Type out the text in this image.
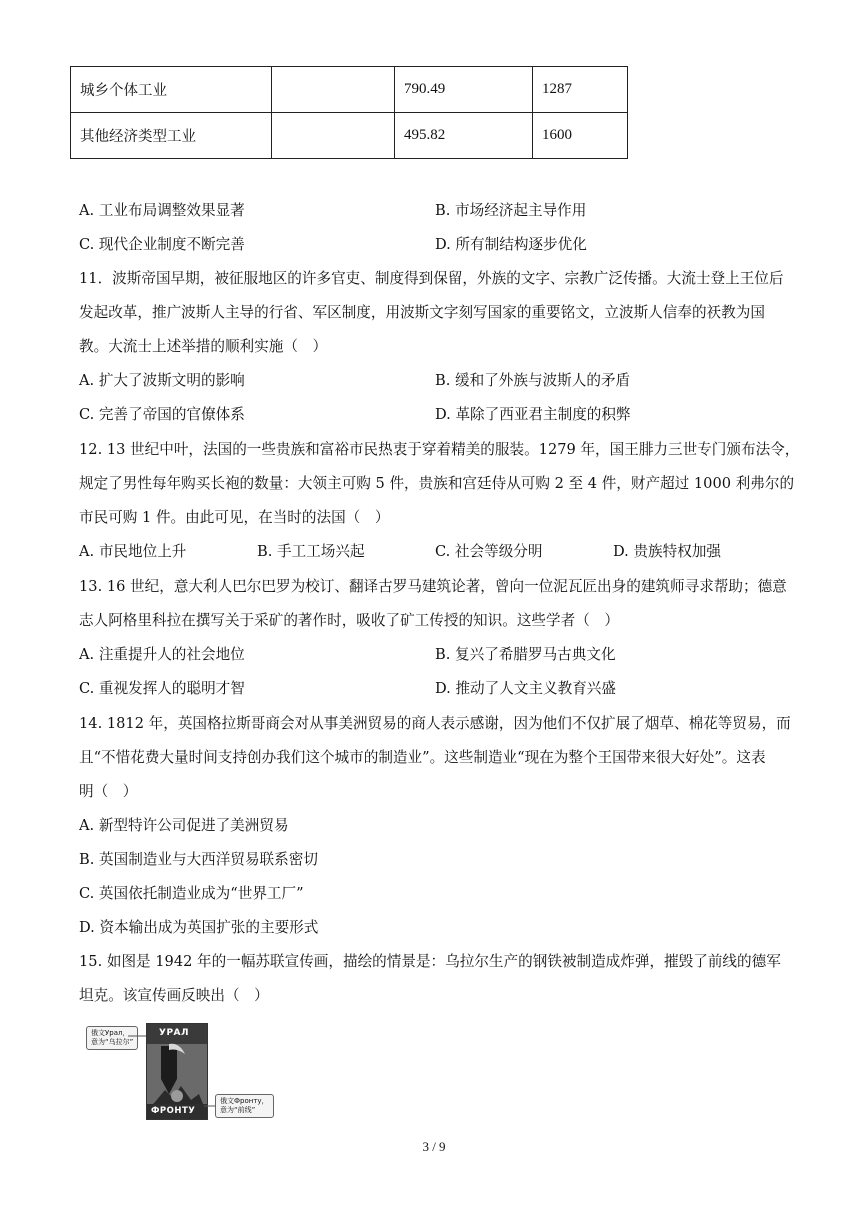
城乡个体工业		790.49	1287
其他经济类型工业		495.82	1600
A. 工业布局调整效果显著	B. 市场经济起主导作用
C. 现代企业制度不断完善	D. 所有制结构逐步优化
11．波斯帝国早期，被征服地区的许多官吏、制度得到保留，外族的文字、宗教广泛传播。大流士登上王位后
发起改革，推广波斯人主导的行省、军区制度，用波斯文字刻写国家的重要铭文，立波斯人信奉的祆教为国
教。大流士上述举措的顺利实施（　）
A. 扩大了波斯文明的影响	B. 缓和了外族与波斯人的矛盾
C. 完善了帝国的官僚体系	D. 革除了西亚君主制度的积弊
12. 13 世纪中叶，法国的一些贵族和富裕市民热衷于穿着精美的服装。1279 年，国王腓力三世专门颁布法令，
规定了男性每年购买长袍的数量：大领主可购 5 件，贵族和宫廷侍从可购 2 至 4 件，财产超过 1000 利弗尔的
市民可购 1 件。由此可见，在当时的法国（　）
A. 市民地位上升	B. 手工工场兴起	C. 社会等级分明	D. 贵族特权加强
13. 16 世纪，意大利人巴尔巴罗为校订、翻译古罗马建筑论著，曾向一位泥瓦匠出身的建筑师寻求帮助；德意
志人阿格里科拉在撰写关于采矿的著作时，吸收了矿工传授的知识。这些学者（　）
A. 注重提升人的社会地位	B. 复兴了希腊罗马古典文化
C. 重视发挥人的聪明才智	D. 推动了人文主义教育兴盛
14. 1812 年，英国格拉斯哥商会对从事美洲贸易的商人表示感谢，因为他们不仅扩展了烟草、棉花等贸易，而
且“不惜花费大量时间支持创办我们这个城市的制造业”。这些制造业“现在为整个王国带来很大好处”。这表
明（　）
A. 新型特许公司促进了美洲贸易
B. 英国制造业与大西洋贸易联系密切
C. 英国依托制造业成为“世界工厂”
D. 资本输出成为英国扩张的主要形式
15. 如图是 1942 年的一幅苏联宣传画，描绘的情景是：乌拉尔生产的钢铁被制造成炸弹，摧毁了前线的德军
坦克。该宣传画反映出（　）
俄文Урал，
意为“乌拉尔”
УРАЛ
ФРОНТУ
俄文Фронту，
意为“前线”
3 / 9
